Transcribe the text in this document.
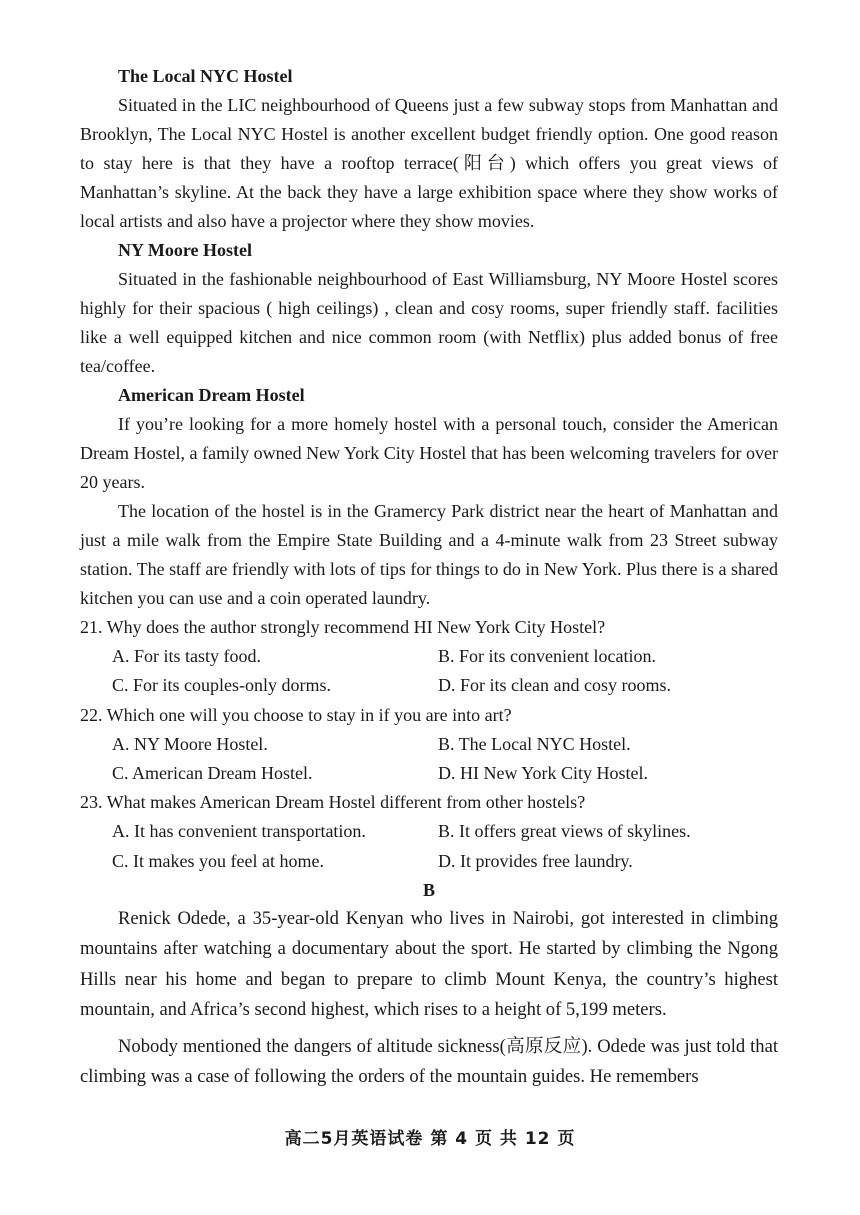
The Local NYC Hostel

Situated in the LIC neighbourhood of Queens just a few subway stops from Manhattan and Brooklyn, The Local NYC Hostel is another excellent budget friendly option. One good reason to stay here is that they have a rooftop terrace(阳台) which offers you great views of Manhattan’s skyline. At the back they have a large exhibition space where they show works of local artists and also have a projector where they show movies.

NY Moore Hostel

Situated in the fashionable neighbourhood of East Williamsburg, NY Moore Hostel scores highly for their spacious ( high ceilings) , clean and cosy rooms, super friendly staff. facilities like a well equipped kitchen and nice common room (with Netflix) plus added bonus of free tea/coffee.

American Dream Hostel

If you’re looking for a more homely hostel with a personal touch, consider the American Dream Hostel, a family owned New York City Hostel that has been welcoming travelers for over 20 years.

The location of the hostel is in the Gramercy Park district near the heart of Manhattan and just a mile walk from the Empire State Building and a 4-minute walk from 23 Street subway station. The staff are friendly with lots of tips for things to do in New York. Plus there is a shared kitchen you can use and a coin operated laundry.

21. Why does the author strongly recommend HI New York City Hostel?

A. For its tasty food.	B. For its convenient location.
C. For its couples-only dorms.	D. For its clean and cosy rooms.

22. Which one will you choose to stay in if you are into art?

A. NY Moore Hostel.	B. The Local NYC Hostel.
C. American Dream Hostel.	D. HI New York City Hostel.

23. What makes American Dream Hostel different from other hostels?

A. It has convenient transportation.	B. It offers great views of skylines.
C. It makes you feel at home.	D. It provides free laundry.
B

Renick Odede, a 35-year-old Kenyan who lives in Nairobi, got interested in climbing mountains after watching a documentary about the sport. He started by climbing the Ngong Hills near his home and began to prepare to climb Mount Kenya, the country’s highest mountain, and Africa’s second highest, which rises to a height of 5,199 meters.

Nobody mentioned the dangers of altitude sickness(高原反应). Odede was just told that climbing was a case of following the orders of the mountain guides. He remembers

高二5月英语试卷 第 4 页 共 12 页
